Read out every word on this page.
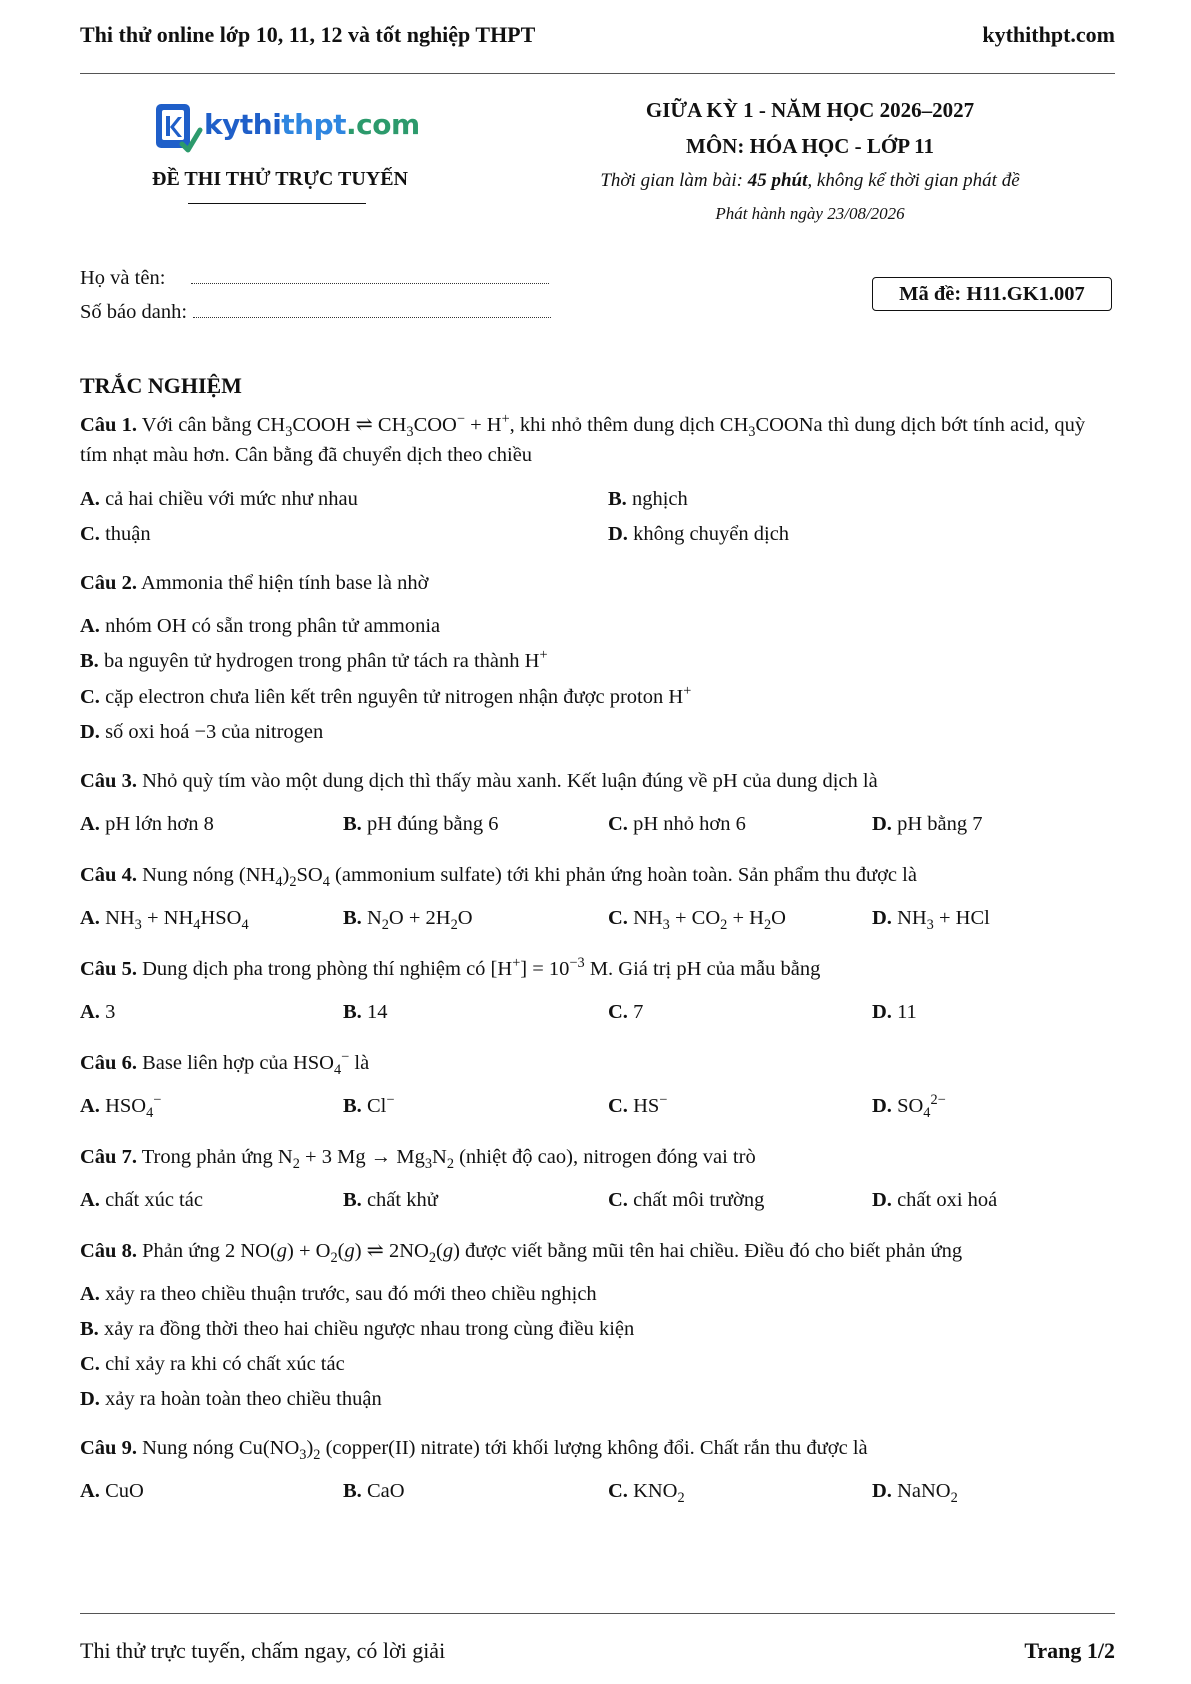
Thi thử online lớp 10, 11, 12 và tốt nghiệp THPT	kythithpt.com
kythithpt.com
ĐỀ THI THỬ TRỰC TUYẾN
GIỮA KỲ 1 - NĂM HỌC 2026–2027
MÔN: HÓA HỌC - LỚP 11
Thời gian làm bài: 45 phút, không kể thời gian phát đề
Phát hành ngày 23/08/2026
Họ và tên:
Số báo danh:
Mã đề: H11.GK1.007
TRẮC NGHIỆM
Câu 1. Với cân bằng $CH_3COOH$ ⇌ $CH_3COO^- + H^+$, khi nhỏ thêm dung dịch $CH_3COONa$ thì dung dịch bớt tính acid, quỳ tím nhạt màu hơn. Cân bằng đã chuyển dịch theo chiều
A. cả hai chiều với mức như nhau	B. nghịch
C. thuận	D. không chuyển dịch
Câu 2. Ammonia thể hiện tính base là nhờ
A. nhóm OH có sẵn trong phân tử ammonia
B. ba nguyên tử hydrogen trong phân tử tách ra thành H+
C. cặp electron chưa liên kết trên nguyên tử nitrogen nhận được proton H+
D. số oxi hoá −3 của nitrogen
Câu 3. Nhỏ quỳ tím vào một dung dịch thì thấy màu xanh. Kết luận đúng về pH của dung dịch là
A. pH lớn hơn 8	B. pH đúng bằng 6	C. pH nhỏ hơn 6	D. pH bằng 7
Câu 4. Nung nóng $(NH_4)_2SO_4$ (ammonium sulfate) tới khi phản ứng hoàn toàn. Sản phẩm thu được là
A. $NH_3 + NH_4HSO_4$	B. $N_2O + 2H_2O$	C. $NH_3 + CO_2 + H_2O$	D. $NH_3$ + HCl
Câu 5. Dung dịch pha trong phòng thí nghiệm có $[H^+] = 10^{-3}$ M. Giá trị pH của mẫu bằng
A. 3	B. 14	C. 7	D. 11
Câu 6. Base liên hợp của $HSO_4^-$ là
A. $HSO_4^-$	B. Cl−	C. HS−	D. $SO_4^{2-}$
Câu 7. Trong phản ứng $N_2 + 3$ $Mg \to Mg_3N_2$ (nhiệt độ cao), nitrogen đóng vai trò
A. chất xúc tác	B. chất khử	C. chất môi trường	D. chất oxi hoá
Câu 8. Phản ứng 2 $NO(g) + O_2(g)$ ⇌ $2NO_2(g)$ được viết bằng mũi tên hai chiều. Điều đó cho biết phản ứng
A. xảy ra theo chiều thuận trước, sau đó mới theo chiều nghịch
B. xảy ra đồng thời theo hai chiều ngược nhau trong cùng điều kiện
C. chỉ xảy ra khi có chất xúc tác
D. xảy ra hoàn toàn theo chiều thuận
Câu 9. Nung nóng $Cu(NO_3)_2$ (copper(II) nitrate) tới khối lượng không đổi. Chất rắn thu được là
A. CuO	B. CaO	C. $KNO_2$	D. NaNO$_2$
Thi thử trực tuyến, chấm ngay, có lời giải	Trang 1/2
